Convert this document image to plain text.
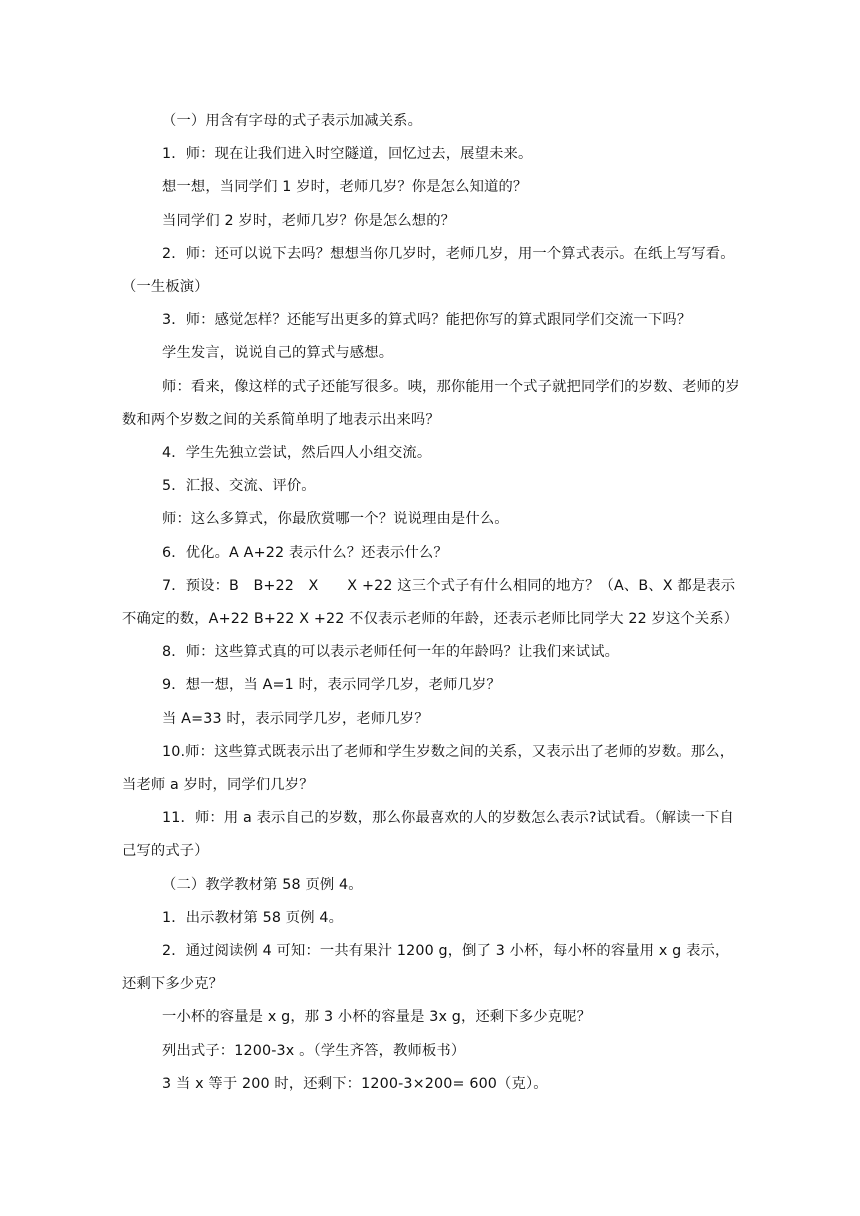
（一）用含有字母的式子表示加减关系。

1．师：现在让我们进入时空隧道，回忆过去，展望未来。

想一想，当同学们 1 岁时，老师几岁？你是怎么知道的？

当同学们 2 岁时，老师几岁？你是怎么想的？

2．师：还可以说下去吗？想想当你几岁时，老师几岁，用一个算式表示。在纸上写写看。（一生板演）

3．师：感觉怎样？还能写出更多的算式吗？能把你写的算式跟同学们交流一下吗？

学生发言，说说自己的算式与感想。

师：看来，像这样的式子还能写很多。咦，那你能用一个式子就把同学们的岁数、老师的岁数和两个岁数之间的关系简单明了地表示出来吗？

4．学生先独立尝试，然后四人小组交流。

5．汇报、交流、评价。

师：这么多算式，你最欣赏哪一个？说说理由是什么。

6．优化。A A+22 表示什么？还表示什么？

7．预设：B　B+22　X　　X +22 这三个式子有什么相同的地方？（A、B、X 都是表示不确定的数，A+22 B+22 X +22 不仅表示老师的年龄，还表示老师比同学大 22 岁这个关系）

8．师：这些算式真的可以表示老师任何一年的年龄吗？让我们来试试。

9．想一想，当 A=1 时，表示同学几岁，老师几岁？

当 A=33 时，表示同学几岁，老师几岁？

10.师：这些算式既表示出了老师和学生岁数之间的关系，又表示出了老师的岁数。那么，当老师 a 岁时，同学们几岁？

11．师：用 a 表示自己的岁数，那么你最喜欢的人的岁数怎么表示?试试看。（解读一下自己写的式子）

（二）教学教材第 58 页例 4。

1．出示教材第 58 页例 4。

2．通过阅读例 4 可知：一共有果汁 1200 g，倒了 3 小杯，每小杯的容量用 x g 表示，还剩下多少克？

一小杯的容量是 x g，那 3 小杯的容量是 3x g，还剩下多少克呢？

列出式子：1200-3x 。（学生齐答，教师板书）

3 当 x 等于 200 时，还剩下：1200-3×200= 600（克）。
